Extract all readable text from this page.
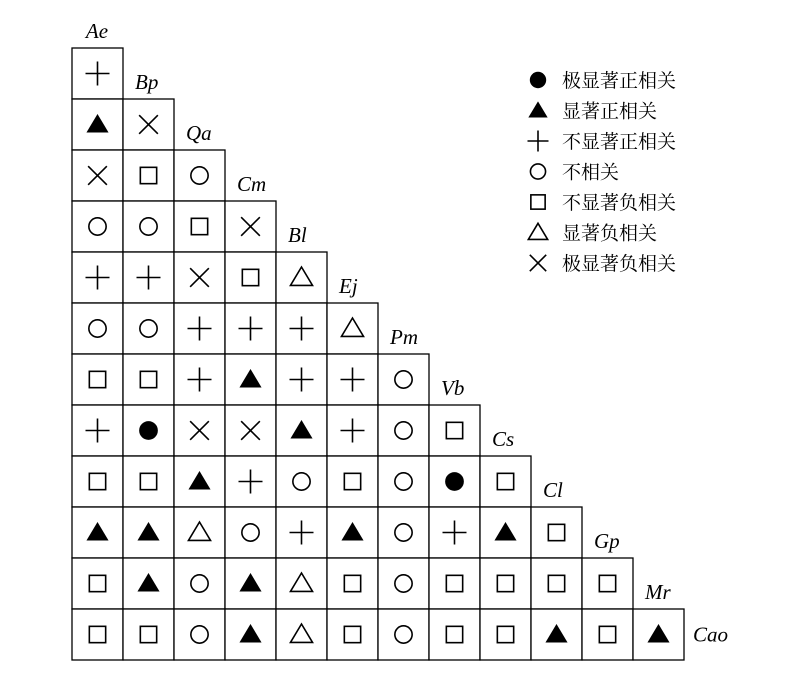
Ae
Bp
Qa
Cm
Bl
Ej
Pm
Vb
Cs
Cl
Gp
Mr
Cao
极显著正相关
显著正相关
不显著正相关
不相关
不显著负相关
显著负相关
极显著负相关
